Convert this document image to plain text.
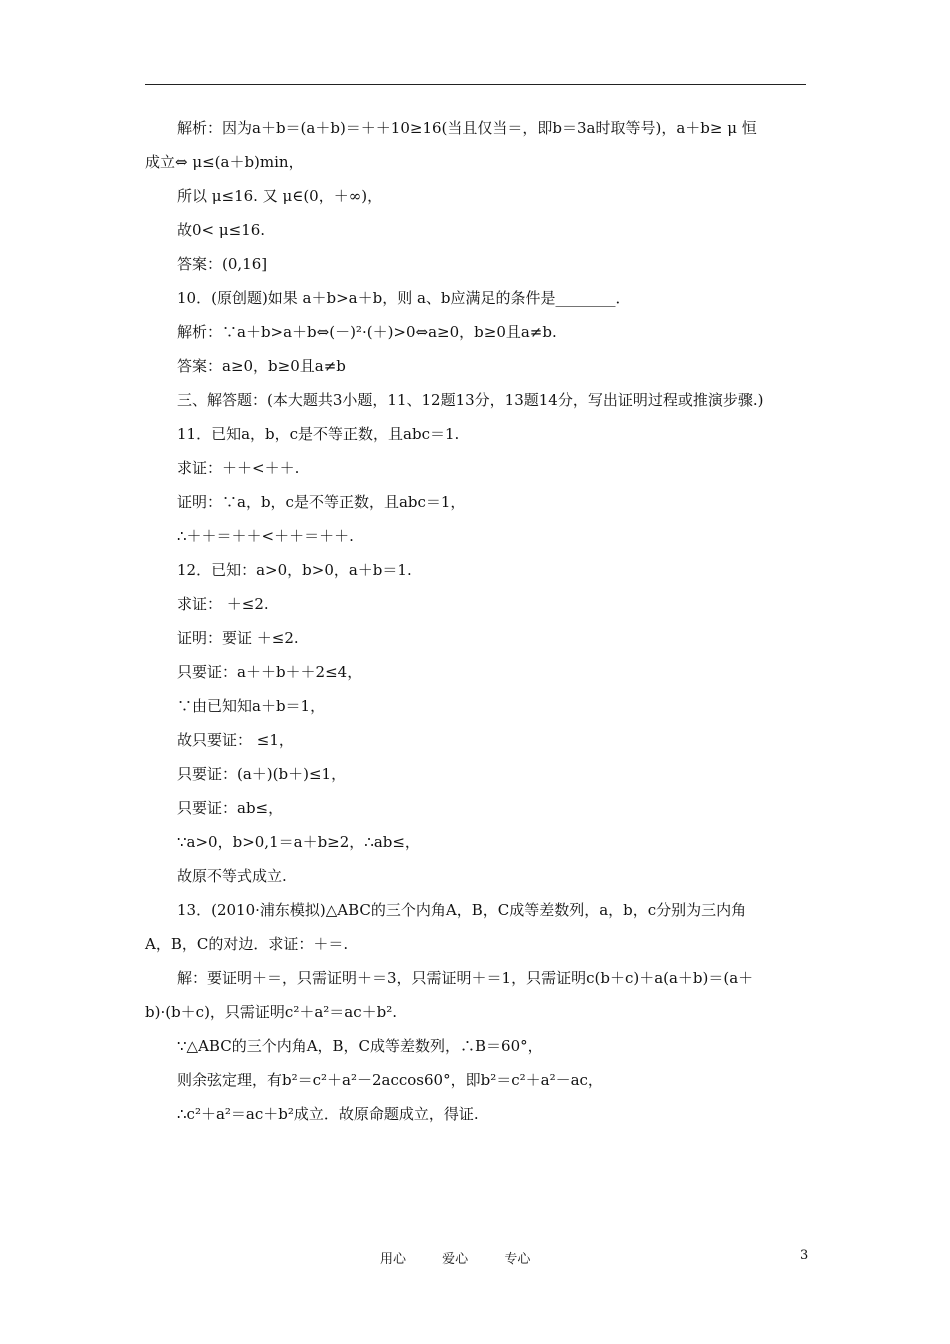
解析：因为a＋b＝(a＋b)＝＋＋10≥16(当且仅当＝，即b＝3a时取等号)，a＋b≥ μ 恒
成立⇔ μ≤(a＋b)min，
所以 μ≤16. 又 μ∈(0，＋∞)，
故0< μ≤16.
答案：(0,16]
10．(原创题)如果 a＋b>a＋b，则 a、b应满足的条件是________．
解析：∵a＋b>a＋b⇔(－)²·(＋)>0⇔a≥0，b≥0且a≠b.
答案：a≥0，b≥0且a≠b
三、解答题：(本大题共3小题，11、12题13分，13题14分，写出证明过程或推演步骤.)
11．已知a，b，c是不等正数，且abc＝1.
求证：＋＋<＋＋.
证明：∵a，b，c是不等正数，且abc＝1，
∴＋＋＝＋＋<＋＋＝＋＋.
12．已知：a>0，b>0，a＋b＝1.
求证： ＋≤2.
证明：要证 ＋≤2.
只要证：a＋＋b＋＋2≤4，
∵由已知知a＋b＝1，
故只要证： ≤1，
只要证：(a＋)(b＋)≤1，
只要证：ab≤，
∵a>0，b>0,1＝a＋b≥2，∴ab≤，
故原不等式成立.
13．(2010·浦东模拟)△ABC的三个内角A，B，C成等差数列，a，b，c分别为三内角
A，B，C的对边．求证：＋＝.
解：要证明＋＝，只需证明＋＝3，只需证明＋＝1，只需证明c(b＋c)＋a(a＋b)＝(a＋
b)·(b＋c)，只需证明c²＋a²＝ac＋b².
∵△ABC的三个内角A，B，C成等差数列，∴B＝60°，
则余弦定理，有b²＝c²＋a²－2accos60°，即b²＝c²＋a²－ac，
∴c²＋a²＝ac＋b²成立．故原命题成立，得证.
用心	爱心	专心	3
